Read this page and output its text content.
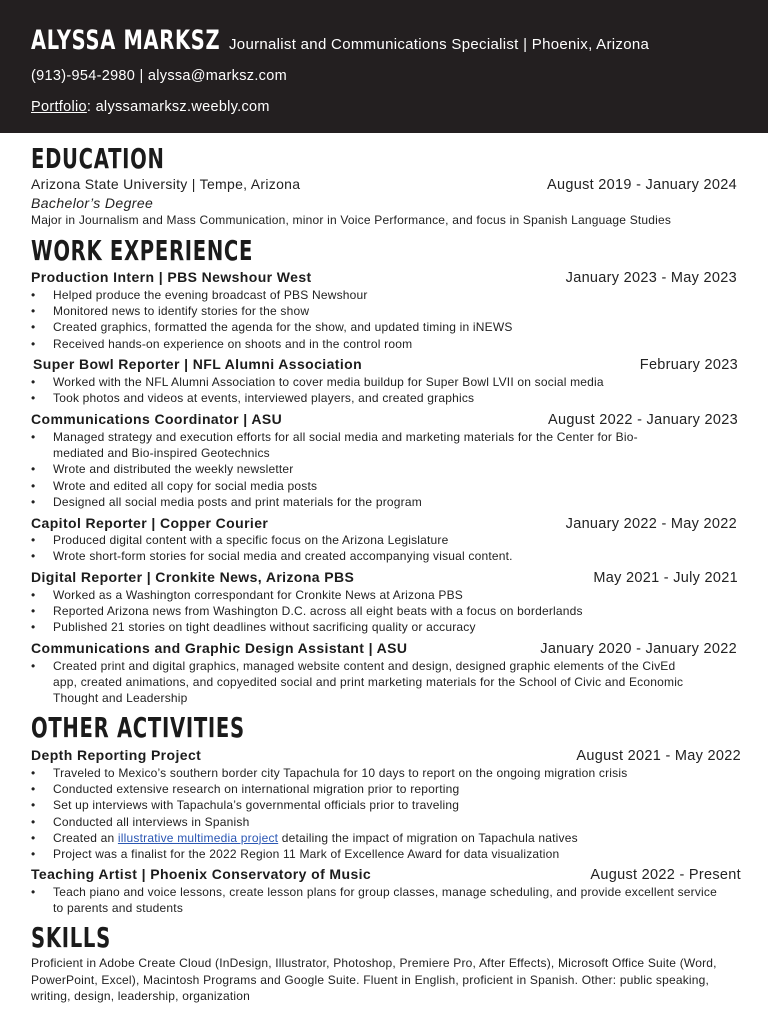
ALYSSA MARKSZ Journalist and Communications Specialist | Phoenix, Arizona
(913)-954-2980 | alyssa@marksz.com
Portfolio: alyssamarksz.weebly.com
EDUCATION
Arizona State University | Tempe, Arizona	August 2019 - January 2024
Bachelor’s Degree
Major in Journalism and Mass Communication, minor in Voice Performance, and focus in Spanish Language Studies
WORK EXPERIENCE
Production Intern | PBS Newshour West	January 2023 - May 2023
• Helped produce the evening broadcast of PBS Newshour
• Monitored news to identify stories for the show
• Created graphics, formatted the agenda for the show, and updated timing in iNEWS
• Received hands-on experience on shoots and in the control room
Super Bowl Reporter | NFL Alumni Association	February 2023
• Worked with the NFL Alumni Association to cover media buildup for Super Bowl LVII on social media
• Took photos and videos at events, interviewed players, and created graphics
Communications Coordinator | ASU	August 2022 - January 2023
• Managed strategy and execution efforts for all social media and marketing materials for the Center for Bio-
mediated and Bio-inspired Geotechnics
• Wrote and distributed the weekly newsletter
• Wrote and edited all copy for social media posts
• Designed all social media posts and print materials for the program
Capitol Reporter | Copper Courier	January 2022 - May 2022
• Produced digital content with a specific focus on the Arizona Legislature
• Wrote short-form stories for social media and created accompanying visual content.
Digital Reporter | Cronkite News, Arizona PBS	May 2021 - July 2021
• Worked as a Washington correspondant for Cronkite News at Arizona PBS
• Reported Arizona news from Washington D.C. across all eight beats with a focus on borderlands
• Published 21 stories on tight deadlines without sacrificing quality or accuracy
Communications and Graphic Design Assistant | ASU	January 2020 - January 2022
• Created print and digital graphics, managed website content and design, designed graphic elements of the CivEd
app, created animations, and copyedited social and print marketing materials for the School of Civic and Economic
Thought and Leadership
OTHER ACTIVITIES
Depth Reporting Project	August 2021 - May 2022
• Traveled to Mexico’s southern border city Tapachula for 10 days to report on the ongoing migration crisis
• Conducted extensive research on international migration prior to reporting
• Set up interviews with Tapachula’s governmental officials prior to traveling
• Conducted all interviews in Spanish
• Created an illustrative multimedia project detailing the impact of migration on Tapachula natives
• Project was a finalist for the 2022 Region 11 Mark of Excellence Award for data visualization
Teaching Artist | Phoenix Conservatory of Music	August 2022 - Present
• Teach piano and voice lessons, create lesson plans for group classes, manage scheduling, and provide excellent service
to parents and students
SKILLS
Proficient in Adobe Create Cloud (InDesign, Illustrator, Photoshop, Premiere Pro, After Effects), Microsoft Office Suite (Word, PowerPoint, Excel), Macintosh Programs and Google Suite. Fluent in English, proficient in Spanish. Other: public speaking, writing, design, leadership, organization
